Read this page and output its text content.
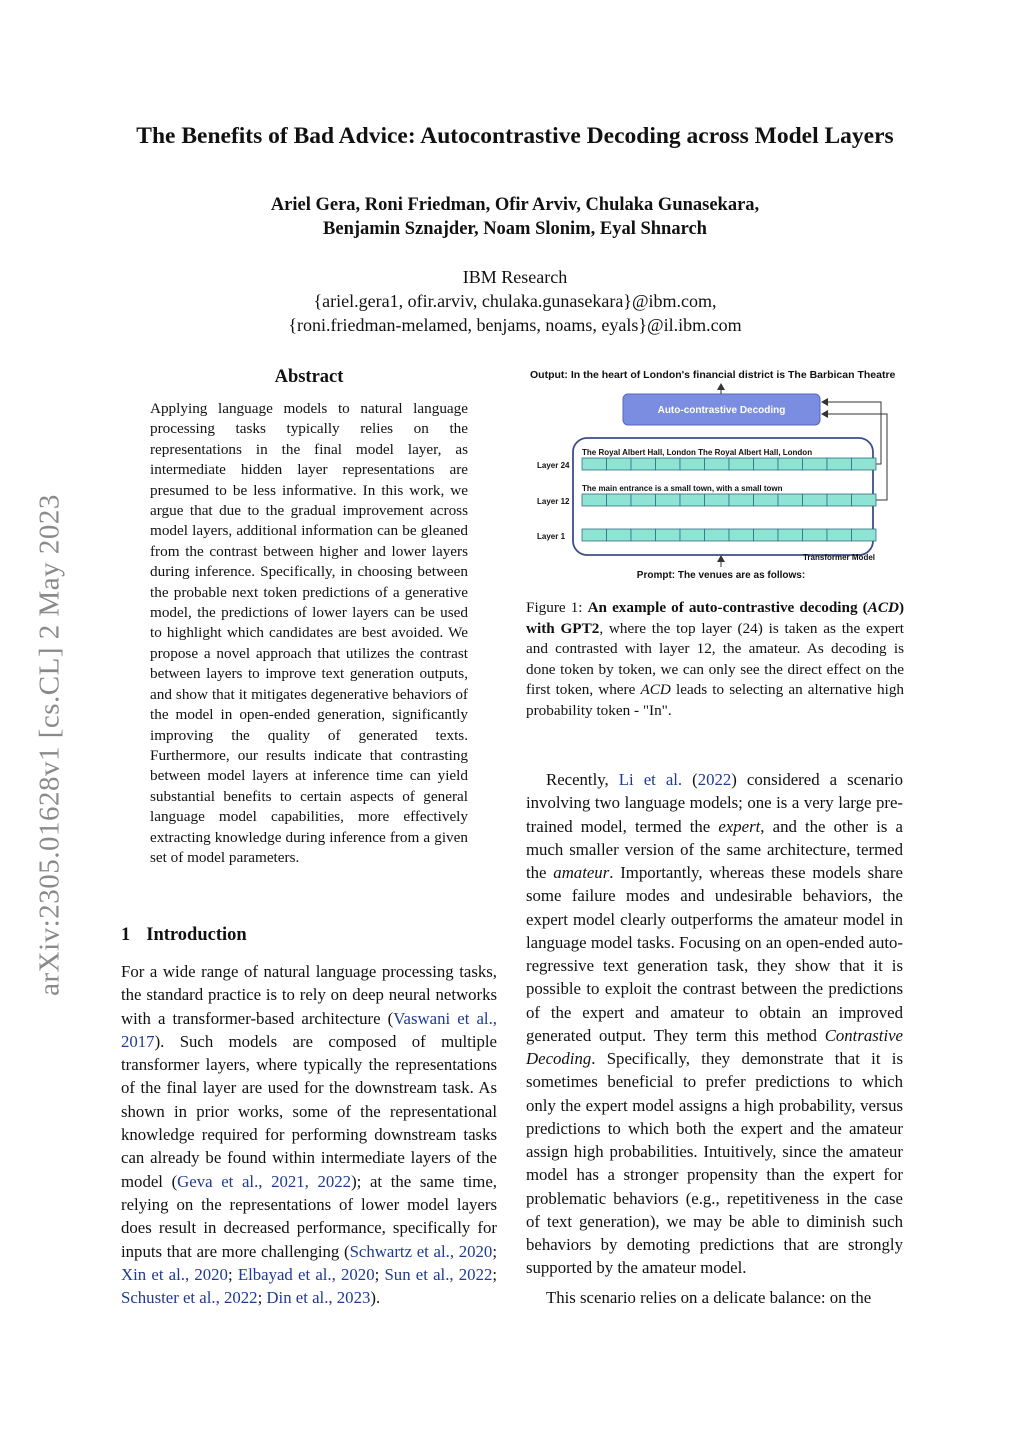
arXiv:2305.01628v1 [cs.CL] 2 May 2023
The Benefits of Bad Advice: Autocontrastive Decoding across Model Layers
Ariel Gera, Roni Friedman, Ofir Arviv, Chulaka Gunasekara,
Benjamin Sznajder, Noam Slonim, Eyal Shnarch
IBM Research
{ariel.gera1, ofir.arviv, chulaka.gunasekara}@ibm.com,
{roni.friedman-melamed, benjams, noams, eyals}@il.ibm.com
Abstract
Applying language models to natural language processing tasks typically relies on the representations in the final model layer, as intermediate hidden layer representations are presumed to be less informative. In this work, we argue that due to the gradual improvement across model layers, additional information can be gleaned from the contrast between higher and lower layers during inference. Specifically, in choosing between the probable next token predictions of a generative model, the predictions of lower layers can be used to highlight which candidates are best avoided. We propose a novel approach that utilizes the contrast between layers to improve text generation outputs, and show that it mitigates degenerative behaviors of the model in open-ended generation, significantly improving the quality of generated texts. Furthermore, our results indicate that contrasting between model layers at inference time can yield substantial benefits to certain aspects of general language model capabilities, more effectively extracting knowledge during inference from a given set of model parameters.
1 Introduction

For a wide range of natural language processing tasks, the standard practice is to rely on deep neural networks with a transformer-based architecture (Vaswani et al., 2017). Such models are composed of multiple transformer layers, where typically the representations of the final layer are used for the downstream task. As shown in prior works, some of the representational knowledge required for performing downstream tasks can already be found within intermediate layers of the model (Geva et al., 2021, 2022); at the same time, relying on the representations of lower model layers does result in decreased performance, specifically for inputs that are more challenging (Schwartz et al., 2020; Xin et al., 2020; Elbayad et al., 2020; Sun et al., 2022; Schuster et al., 2022; Din et al., 2023).

Output: In the heart of London's financial district is The Barbican Theatre
Auto-contrastive Decoding
Layer 24
Layer 12
Layer 1
The Royal Albert Hall, London The Royal Albert Hall, London
The main entrance is a small town, with a small town
Transformer Model
Prompt: The venues are as follows:
Figure 1: An example of auto-contrastive decoding (ACD) with GPT2, where the top layer (24) is taken as the expert and contrasted with layer 12, the amateur. As decoding is done token by token, we can only see the direct effect on the first token, where ACD leads to selecting an alternative high probability token - "In".

Recently, Li et al. (2022) considered a scenario involving two language models; one is a very large pre-trained model, termed the expert, and the other is a much smaller version of the same architecture, termed the amateur. Importantly, whereas these models share some failure modes and undesirable behaviors, the expert model clearly outperforms the amateur model in language model tasks. Focusing on an open-ended auto-regressive text generation task, they show that it is possible to exploit the contrast between the predictions of the expert and amateur to obtain an improved generated output. They term this method Contrastive Decoding. Specifically, they demonstrate that it is sometimes beneficial to prefer predictions to which only the expert model assigns a high probability, versus predictions to which both the expert and the amateur assign high probabilities. Intuitively, since the amateur model has a stronger propensity than the expert for problematic behaviors (e.g., repetitiveness in the case of text generation), we may be able to diminish such behaviors by demoting predictions that are strongly supported by the amateur model.

This scenario relies on a delicate balance: on the
